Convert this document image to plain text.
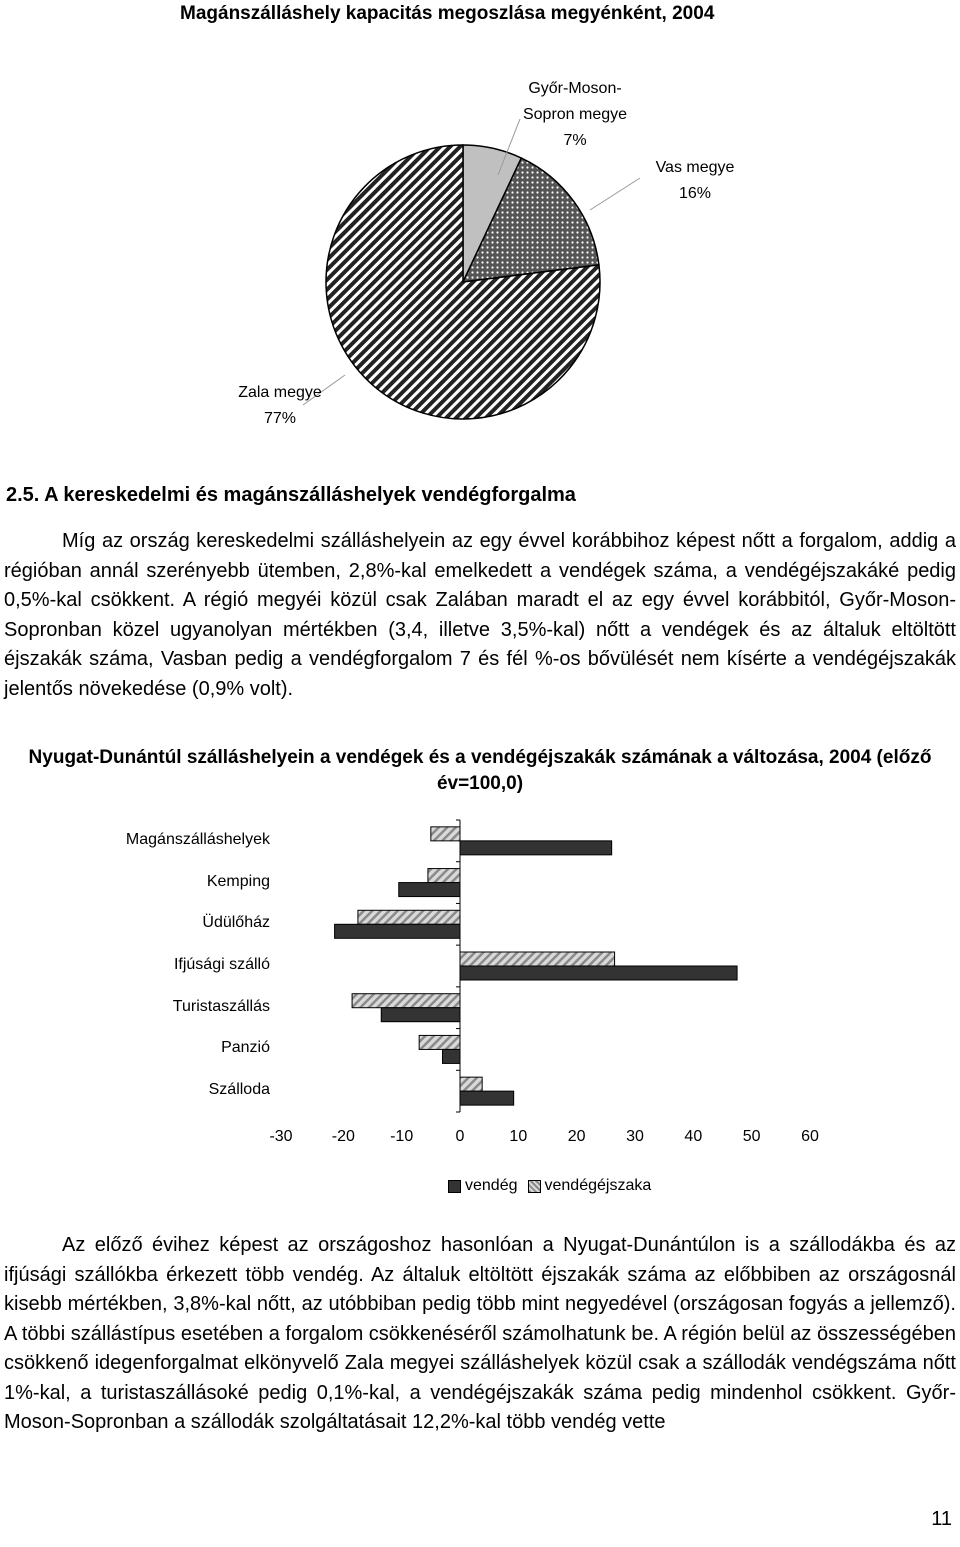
Magánszálláshely kapacitás megoszlása megyénként, 2004
Győr-Moson-
Sopron megye
7%
Vas megye
16%
Zala megye
77%
2.5. A kereskedelmi és magánszálláshelyek vendégforgalma

Míg az ország kereskedelmi szálláshelyein az egy évvel korábbihoz képest nőtt a forgalom, addig a régióban annál szerényebb ütemben, 2,8%-kal emelkedett a vendégek száma, a vendégéjszakáké pedig 0,5%-kal csökkent. A régió megyéi közül csak Zalában maradt el az egy évvel korábbitól, Győr-Moson-Sopronban közel ugyanolyan mértékben (3,4, illetve 3,5%-kal) nőtt a vendégek és az általuk eltöltött éjszakák száma, Vasban pedig a vendégforgalom 7 és fél %-os bővülését nem kísérte a vendégéjszakák jelentős növekedése (0,9% volt).

Nyugat-Dunántúl szálláshelyein a vendégek és a vendégéjszakák számának a változása, 2004 (előző év=100,0)
Magánszálláshelyek
Kemping
Üdülőház
Ifjúsági szálló
Turistaszállás
Panzió
Szálloda
-30	-20	-10	0	10	20	30	40	50	60
vendég vendégéjszaka

Az előző évihez képest az országoshoz hasonlóan a Nyugat-Dunántúlon is a szállodákba és az ifjúsági szállókba érkezett több vendég. Az általuk eltöltött éjszakák száma az előbbiben az országosnál kisebb mértékben, 3,8%-kal nőtt, az utóbbiban pedig több mint negyedével (országosan fogyás a jellemző). A többi szállástípus esetében a forgalom csökkenéséről számolhatunk be. A régión belül az összességében csökkenő idegenforgalmat elkönyvelő Zala megyei szálláshelyek közül csak a szállodák vendégszáma nőtt 1%-kal, a turistaszállásoké pedig 0,1%-kal, a vendégéjszakák száma pedig mindenhol csökkent. Győr-Moson-Sopronban a szállodák szolgáltatásait 12,2%-kal több vendég vette

11
